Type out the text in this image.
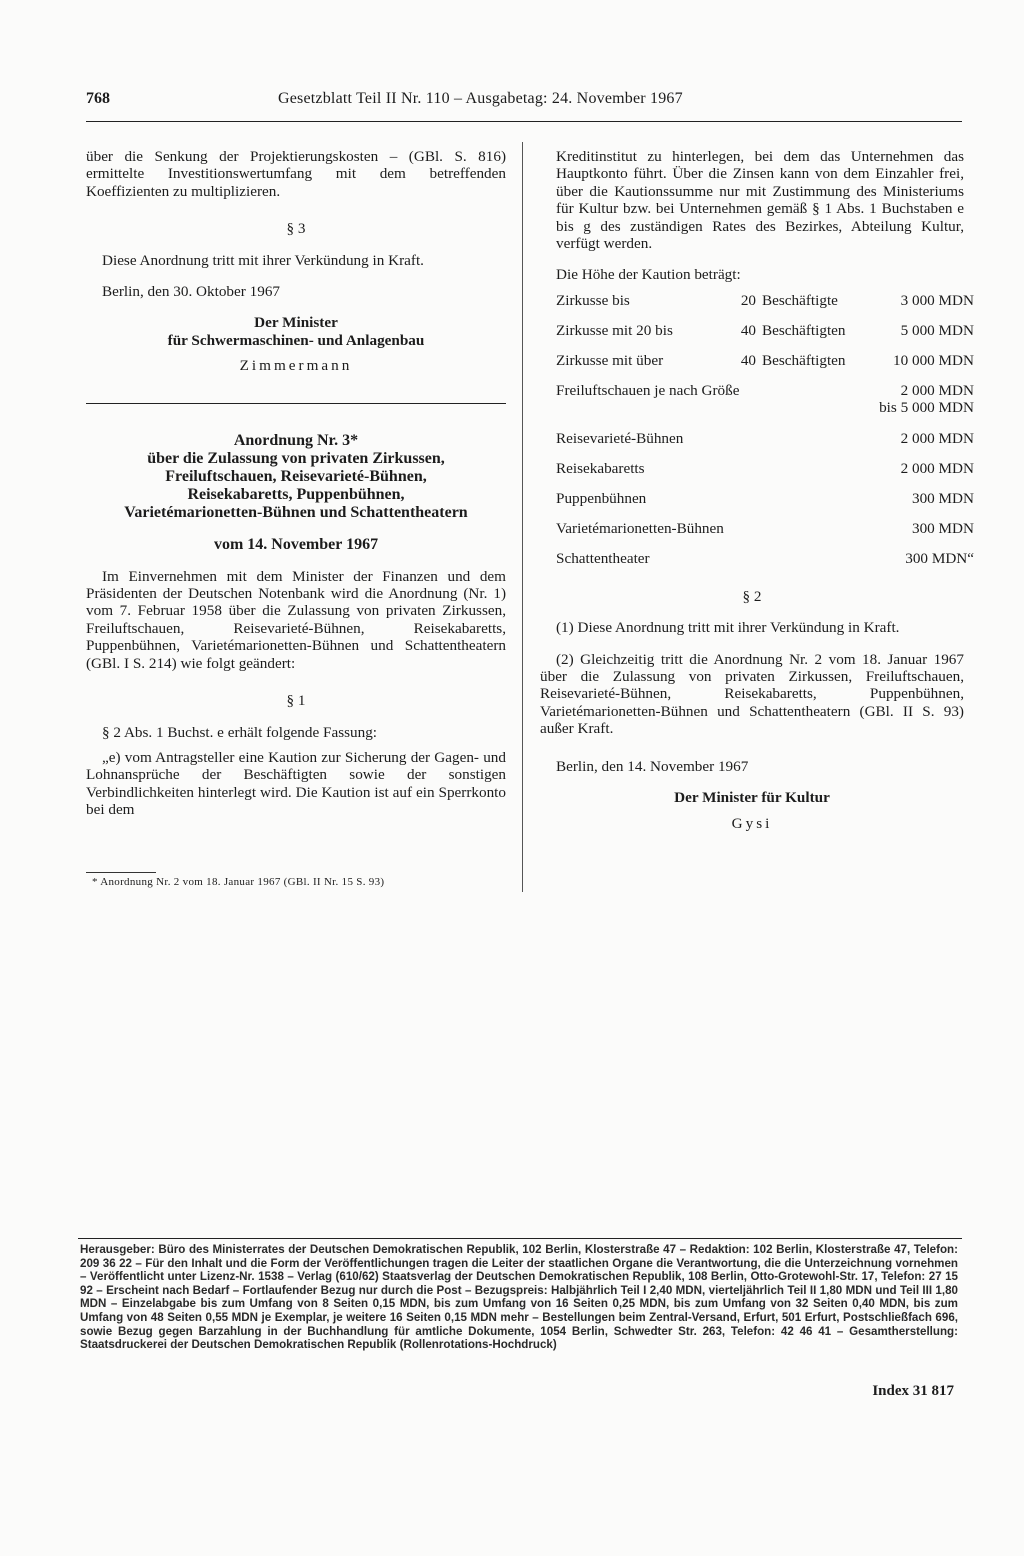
768	Gesetzblatt Teil II Nr. 110 – Ausgabetag: 24. November 1967

über die Senkung der Projektierungskosten – (GBl. S. 816) ermittelte Investitionswertumfang mit dem betreffenden Koeffizienten zu multiplizieren.

§ 3

Diese Anordnung tritt mit ihrer Verkündung in Kraft.

Berlin, den 30. Oktober 1967

Der Minister

für Schwermaschinen- und Anlagenbau

Zimmermann

Anordnung Nr. 3*

über die Zulassung von privaten Zirkussen,

Freiluftschauen, Reisevarieté-Bühnen,

Reisekabaretts, Puppenbühnen,

Varietémarionetten-Bühnen und Schattentheatern

vom 14. November 1967

Im Einvernehmen mit dem Minister der Finanzen und dem Präsidenten der Deutschen Notenbank wird die Anordnung (Nr. 1) vom 7. Februar 1958 über die Zulassung von privaten Zirkussen, Freiluftschauen, Reisevarieté-Bühnen, Reisekabaretts, Puppenbühnen, Varietémarionetten-Bühnen und Schattentheatern (GBl. I S. 214) wie folgt geändert:

§ 1

§ 2 Abs. 1 Buchst. e erhält folgende Fassung:

„e) vom Antragsteller eine Kaution zur Sicherung der Gagen- und Lohnansprüche der Beschäftigten sowie der sonstigen Verbindlichkeiten hinterlegt wird. Die Kaution ist auf ein Sperrkonto bei dem

* Anordnung Nr. 2 vom 18. Januar 1967 (GBl. II Nr. 15 S. 93)

Kreditinstitut zu hinterlegen, bei dem das Unternehmen das Hauptkonto führt. Über die Zinsen kann von dem Einzahler frei, über die Kautionssumme nur mit Zustimmung des Ministeriums für Kultur bzw. bei Unternehmen gemäß § 1 Abs. 1 Buchstaben e bis g des zuständigen Rates des Bezirkes, Abteilung Kultur, verfügt werden.

Die Höhe der Kaution beträgt:

Zirkusse bis	20	Beschäftigte	3 000 MDN

Zirkusse mit 20 bis	40	Beschäftigten	5 000 MDN

Zirkusse mit über	40	Beschäftigten	10 000 MDN

Freiluftschauen je nach Größe			2 000 MDN
bis 5 000 MDN

Reisevarieté-Bühnen			2 000 MDN

Reisekabaretts			2 000 MDN

Puppenbühnen			300 MDN

Varietémarionetten-Bühnen			300 MDN

Schattentheater			300 MDN“

§ 2

(1) Diese Anordnung tritt mit ihrer Verkündung in Kraft.

(2) Gleichzeitig tritt die Anordnung Nr. 2 vom 18. Januar 1967 über die Zulassung von privaten Zirkussen, Freiluftschauen, Reisevarieté-Bühnen, Reisekabaretts, Puppenbühnen, Varietémarionetten-Bühnen und Schattentheatern (GBl. II S. 93) außer Kraft.

Berlin, den 14. November 1967

Der Minister für Kultur

Gysi

Herausgeber: Büro des Ministerrates der Deutschen Demokratischen Republik, 102 Berlin, Klosterstraße 47 – Redaktion: 102 Berlin, Klosterstraße 47, Telefon: 209 36 22 – Für den Inhalt und die Form der Veröffentlichungen tragen die Leiter der staatlichen Organe die Verantwortung, die die Unterzeichnung vornehmen – Veröffentlicht unter Lizenz-Nr. 1538 – Verlag (610/62) Staatsverlag der Deutschen Demokratischen Republik, 108 Berlin, Otto-Grotewohl-Str. 17, Telefon: 27 15 92 – Erscheint nach Bedarf – Fortlaufender Bezug nur durch die Post – Bezugspreis: Halbjährlich Teil I 2,40 MDN, vierteljährlich Teil II 1,80 MDN und Teil III 1,80 MDN – Einzelabgabe bis zum Umfang von 8 Seiten 0,15 MDN, bis zum Umfang von 16 Seiten 0,25 MDN, bis zum Umfang von 32 Seiten 0,40 MDN, bis zum Umfang von 48 Seiten 0,55 MDN je Exemplar, je weitere 16 Seiten 0,15 MDN mehr – Bestellungen beim Zentral-Versand, Erfurt, 501 Erfurt, Postschließfach 696, sowie Bezug gegen Barzahlung in der Buchhandlung für amtliche Dokumente, 1054 Berlin, Schwedter Str. 263, Telefon: 42 46 41 – Gesamtherstellung: Staatsdruckerei der Deutschen Demokratischen Republik (Rollenrotations-Hochdruck)
Index 31 817
